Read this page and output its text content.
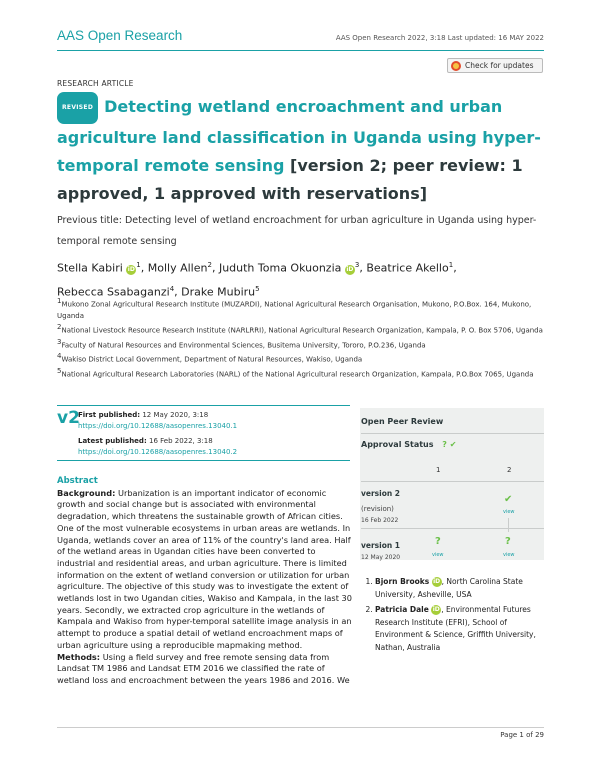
AAS Open Research	AAS Open Research 2022, 3:18 Last updated: 16 MAY 2022
Check for updates
RESEARCH ARTICLE
REVISED Detecting wetland encroachment and urban agriculture land classification in Uganda using hyper-temporal remote sensing [version 2; peer review: 1 approved, 1 approved with reservations]
Previous title: Detecting level of wetland encroachment for urban agriculture in Uganda using hyper-temporal remote sensing
Stella Kabiri $iD^1$, Molly Allen$^2$, Juduth Toma Okuonzia $iD^3$, Beatrice Akello$^1$,
Rebecca Ssabaganzi$^4$, Drake Mubiru$^5$
$^1$Mukono Zonal Agricultural Research Institute (MUZARDI), National Agricultural Research Organisation, Mukono, P.O.Box. 164, Mukono, Uganda
$^2$National Livestock Resource Research Institute (NARLRRI), National Agricultural Research Organization, Kampala, P. O. Box 5706, Uganda
$^3$Faculty of Natural Resources and Environmental Sciences, Busitema University, Tororo, P.O.236, Uganda
$^4$Wakiso District Local Government, Department of Natural Resources, Wakiso, Uganda
$^5$National Agricultural Research Laboratories (NARL) of the National Agricultural research Organization, Kampala, P.O.Box 7065, Uganda
v2
First published: 12 May 2020, 3:18
https://doi.org/10.12688/aasopenres.13040.1
Latest published: 16 Feb 2022, 3:18
https://doi.org/10.12688/aasopenres.13040.2
Abstract
Background: Urbanization is an important indicator of economic growth and social change but is associated with environmental degradation, which threatens the sustainable growth of African cities. One of the most vulnerable ecosystems in urban areas are wetlands. In Uganda, wetlands cover an area of 11% of the country's land area. Half of the wetland areas in Ugandan cities have been converted to industrial and residential areas, and urban agriculture. There is limited information on the extent of wetland conversion or utilization for urban agriculture. The objective of this study was to investigate the extent of wetlands lost in two Ugandan cities, Wakiso and Kampala, in the last 30 years. Secondly, we extracted crop agriculture in the wetlands of Kampala and Wakiso from hyper-temporal satellite image analysis in an attempt to produce a spatial detail of wetland encroachment maps of urban agriculture using a reproducible mapmaking method.
Methods: Using a field survey and free remote sensing data from Landsat TM 1986 and Landsat ETM 2016 we classified the rate of wetland loss and encroachment between the years 1986 and 2016. We
Open Peer Review
Approval Status ? ✔
1	2
version 2
(revision)
16 Feb 2022
✔
view
version 1
12 May 2020
?
view
?
view
1. Bjorn Brooks iD, North Carolina State University, Asheville, USA
2. Patricia Dale iD, Environmental Futures Research Institute (EFRI), School of Environment & Science, Griffith University, Nathan, Australia
Page 1 of 29
